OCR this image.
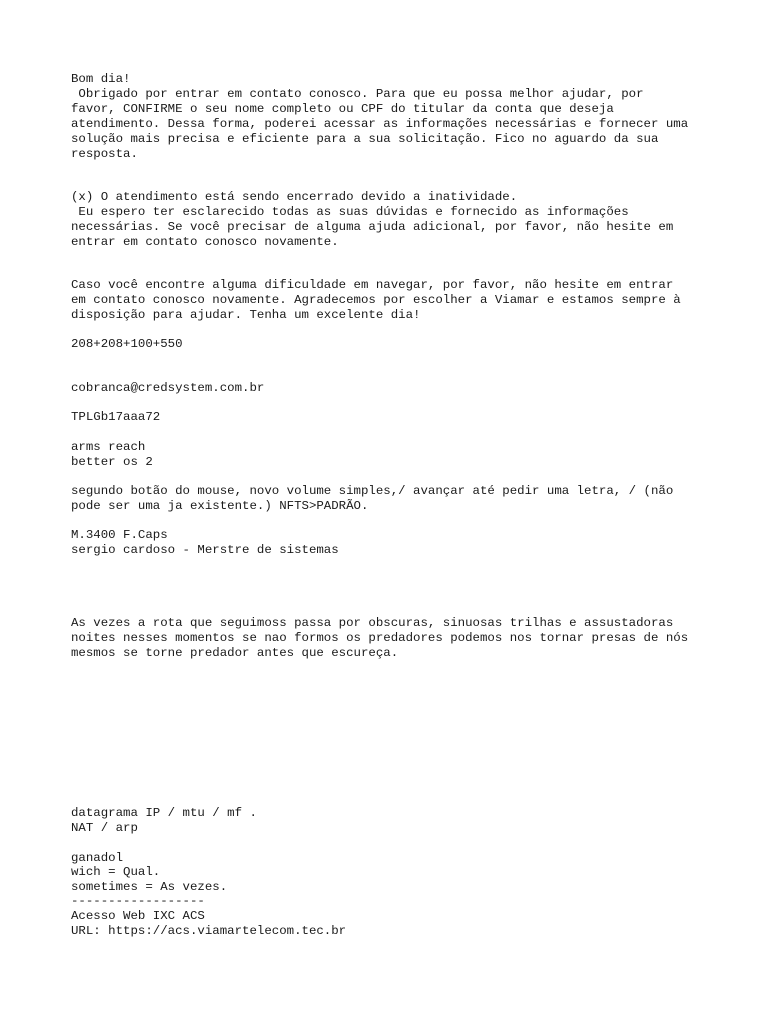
Bom dia!

Obrigado por entrar em contato conosco. Para que eu possa melhor ajudar, por

favor, CONFIRME o seu nome completo ou CPF do titular da conta que deseja

atendimento. Dessa forma, poderei acessar as informações necessárias e fornecer uma

solução mais precisa e eficiente para a sua solicitação. Fico no aguardo da sua

resposta.

(x) O atendimento está sendo encerrado devido a inatividade.

Eu espero ter esclarecido todas as suas dúvidas e fornecido as informações

necessárias. Se você precisar de alguma ajuda adicional, por favor, não hesite em

entrar em contato conosco novamente.

Caso você encontre alguma dificuldade em navegar, por favor, não hesite em entrar

em contato conosco novamente. Agradecemos por escolher a Viamar e estamos sempre à

disposição para ajudar. Tenha um excelente dia!

208+208+100+550

cobranca@credsystem.com.br

TPLGb17aaa72

arms reach

better os 2

segundo botão do mouse, novo volume simples,/ avançar até pedir uma letra, / (não

pode ser uma ja existente.) NFTS>PADRÃO.

M.3400 F.Caps

sergio cardoso - Merstre de sistemas

As vezes a rota que seguimoss passa por obscuras, sinuosas trilhas e assustadoras

noites nesses momentos se nao formos os predadores podemos nos tornar presas de nós

mesmos se torne predador antes que escureça.

datagrama IP / mtu / mf .

NAT / arp

ganadol

wich = Qual.

sometimes = As vezes.

------------------

Acesso Web IXC ACS

URL: https://acs.viamartelecom.tec.br
